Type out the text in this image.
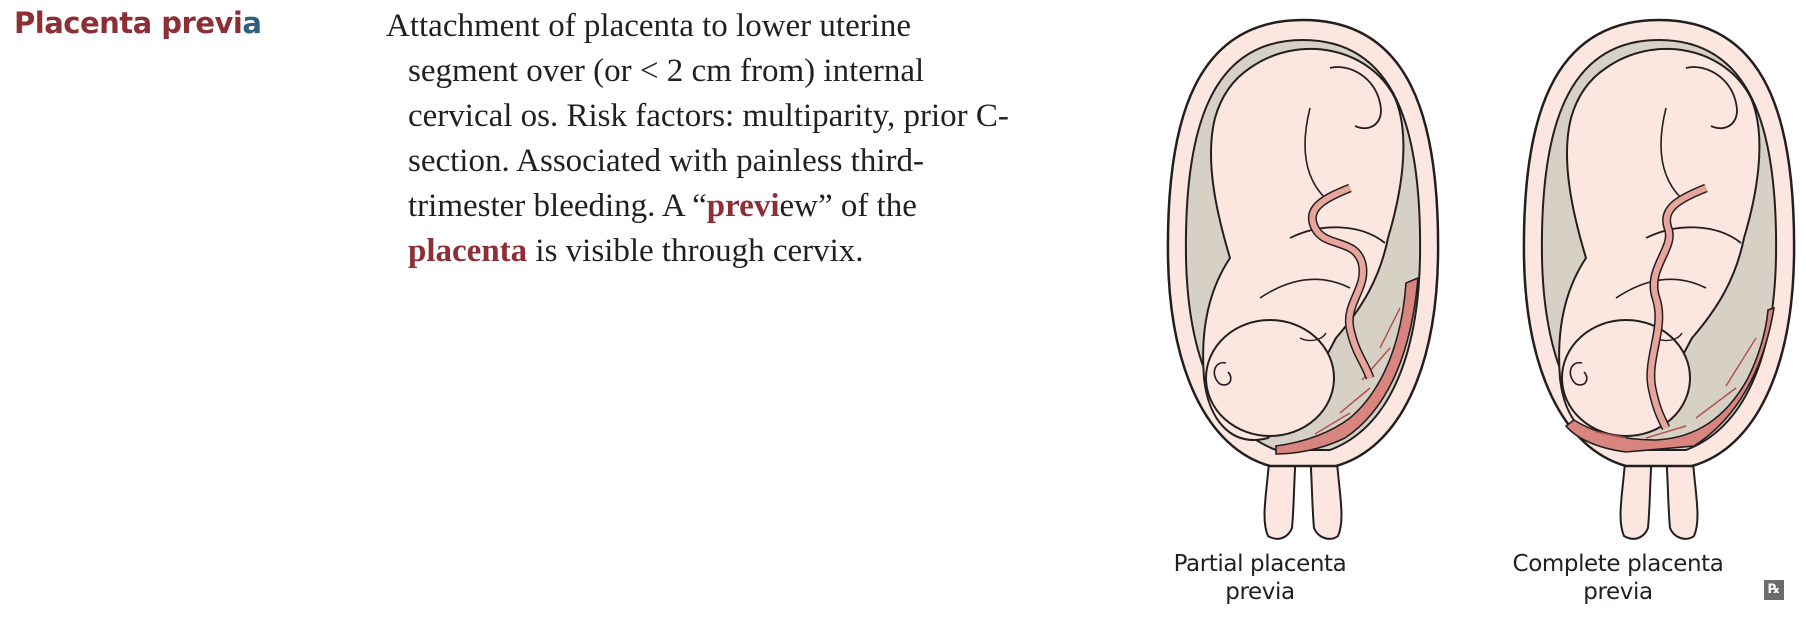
Placenta previa	Attachment of placenta to lower uterine segment over (or < 2 cm from) internal cervical os. Risk factors: multiparity, prior C-section. Associated with painless third-trimester bleeding. A “preview” of the placenta is visible through cervix.
Partial placenta
previa
Complete placenta
previa	℞
